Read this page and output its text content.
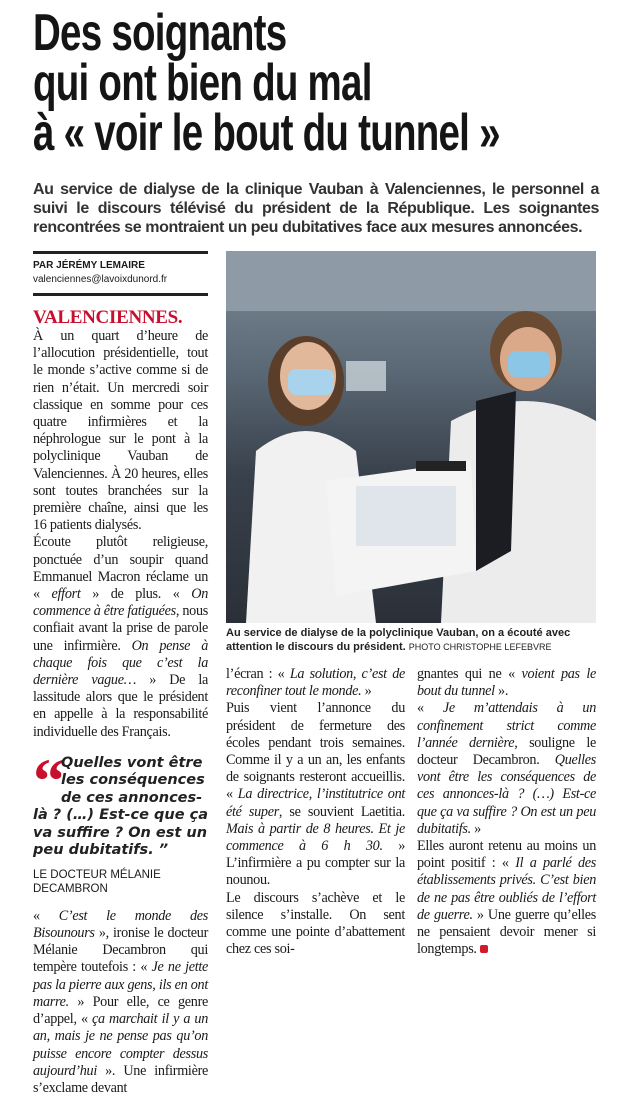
Des soignants
qui ont bien du mal
à « voir le bout du tunnel »
Au service de dialyse de la clinique Vauban à Valenciennes, le personnel a suivi le discours télévisé du président de la République. Les soignantes rencontrées se montraient un peu dubitatives face aux mesures annoncées.
PAR JÉRÉMY LEMAIRE
valenciennes@lavoixdunord.fr
VALENCIENNES.

À un quart d’heure de l’allocution présidentielle, tout le monde s’active comme si de rien n’était. Un mercredi soir classique en somme pour ces quatre infirmières et la néphrologue sur le pont à la polyclinique Vauban de Valenciennes. À 20 heures, elles sont toutes branchées sur la première chaîne, ainsi que les 16 patients dialysés.

Écoute plutôt religieuse, ponctuée d’un soupir quand Emmanuel Macron réclame un « effort » de plus. « On commence à être fatiguées, nous confiait avant la prise de parole une infirmière. On pense à chaque fois que c’est la dernière vague… » De la lassitude alors que le président en appelle à la responsabilité individuelle des Français.

“ Quelles vont être les conséquences de ces annonces-là ? (…) Est-ce que ça va suffire ? On est un peu dubitatifs. ”
LE DOCTEUR MÉLANIE DECAMBRON

« C’est le monde des Bisounours », ironise le docteur Mélanie Decambron qui tempère toutefois : « Je ne jette pas la pierre aux gens, ils en ont marre. » Pour elle, ce genre d’appel, « ça marchait il y a un an, mais je ne pense pas qu’on puisse encore compter dessus aujourd’hui ». Une infirmière s’exclame devant

Au service de dialyse de la polyclinique Vauban, on a écouté avec attention le discours du président. PHOTO CHRISTOPHE LEFEBVRE

l’écran : « La solution, c’est de reconfiner tout le monde. »

Puis vient l’annonce du président de fermeture des écoles pendant trois semaines. Comme il y a un an, les enfants de soignants resteront accueillis. « La directrice, l’institutrice ont été super, se souvient Laetitia. Mais à partir de 8 heures. Et je commence à 6 h 30. » L’infirmière a pu compter sur la nounou.

Le discours s’achève et le silence s’installe. On sent comme une pointe d’abattement chez ces soi-

gnantes qui ne « voient pas le bout du tunnel ».

« Je m’attendais à un confinement strict comme l’année dernière, souligne le docteur Decambron. Quelles vont être les conséquences de ces annonces-là ? (…) Est-ce que ça va suffire ? On est un peu dubitatifs. »

Elles auront retenu au moins un point positif : « Il a parlé des établissements privés. C’est bien de ne pas être oubliés de l’effort de guerre. » Une guerre qu’elles ne pensaient devoir mener si longtemps.
